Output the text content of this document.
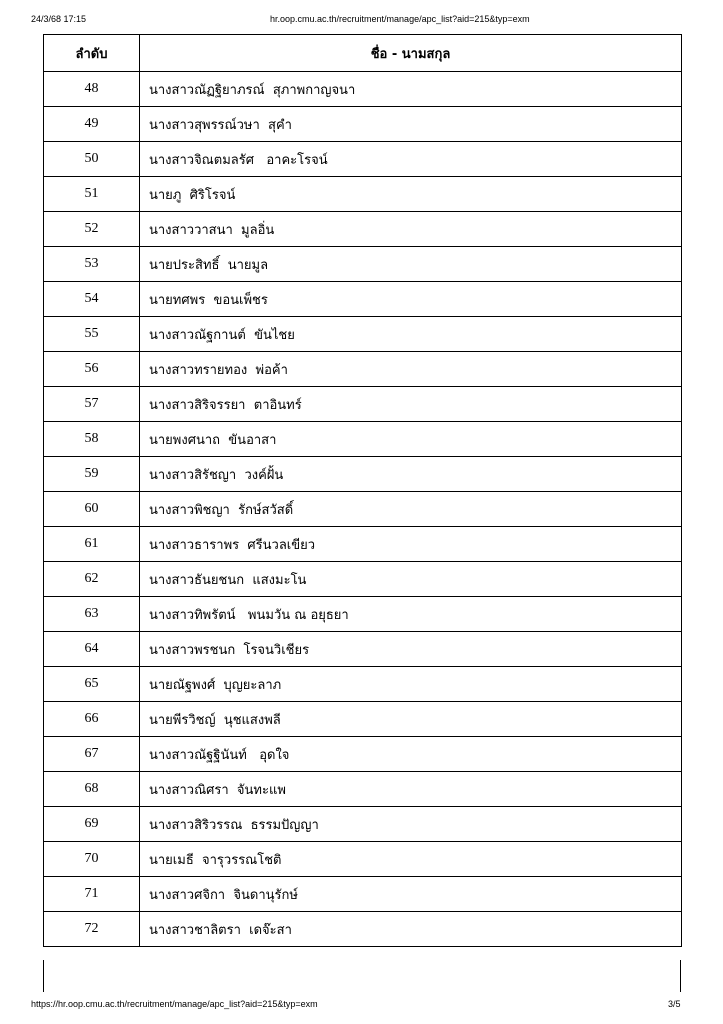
24/3/68 17:15	hr.oop.cmu.ac.th/recruitment/manage/apc_list?aid=215&typ=exm
ลำดับ	ชื่อ - นามสกุล
48	นางสาวณัฏฐิยาภรณ์  สุภาพกาญจนา
49	นางสาวสุพรรณ์วษา  สุคำ
50	นางสาวจิณตมลรัศ   อาคะโรจน์
51	นายภู  ศิริโรจน์
52	นางสาววาสนา  มูลอิ่น
53	นายประสิทธิ์  นายมูล
54	นายทศพร  ขอนเพ็ชร
55	นางสาวณัฐกานต์  ขันไชย
56	นางสาวทรายทอง  พ่อค้า
57	นางสาวสิริจรรยา  ตาอินทร์
58	นายพงศนาถ  ขันอาสา
59	นางสาวสิรัชญา  วงค์ฝั้น
60	นางสาวพิชญา  รักษ์สวัสดิ์
61	นางสาวธาราพร  ศรีนวลเขียว
62	นางสาวธันยชนก  แสงมะโน
63	นางสาวทิพรัตน์   พนมวัน ณ อยุธยา
64	นางสาวพรชนก  โรจนวิเชียร
65	นายณัฐพงศ์  บุญยะลาภ
66	นายพีรวิชญ์  นุชแสงพลี
67	นางสาวณัฐฐินันท์   อุดใจ
68	นางสาวณิศรา  จันทะแพ
69	นางสาวสิริวรรณ  ธรรมปัญญา
70	นายเมธี  จารุวรรณโชติ
71	นางสาวศจิกา  จินดานุรักษ์
72	นางสาวชาลิตรา  เดจ๊ะสา
https://hr.oop.cmu.ac.th/recruitment/manage/apc_list?aid=215&typ=exm	3/5
